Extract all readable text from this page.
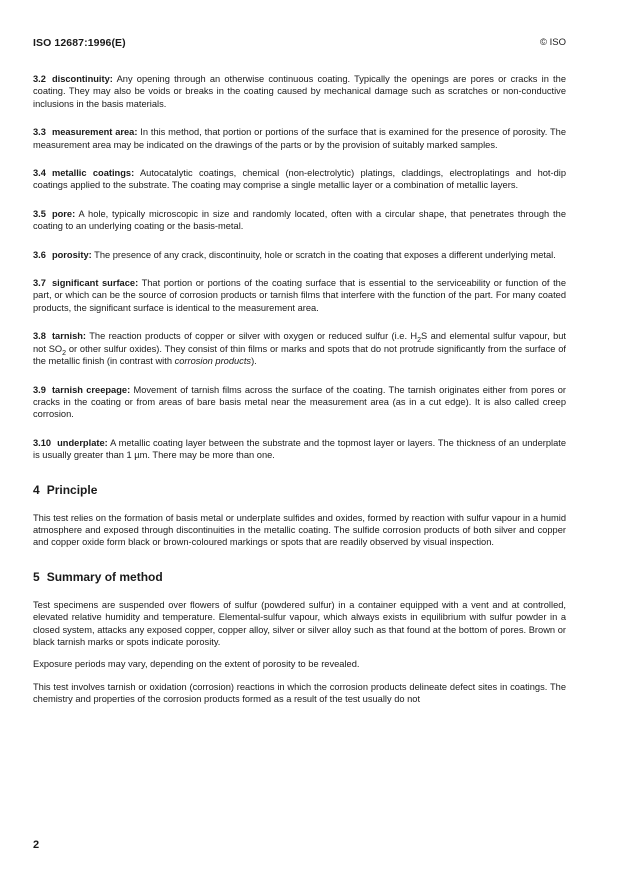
ISO 12687:1996(E)	© ISO

3.2 discontinuity: Any opening through an otherwise continuous coating. Typically the openings are pores or cracks in the coating. They may also be voids or breaks in the coating caused by mechanical damage such as scratches or non-conductive inclusions in the basis materials.

3.3 measurement area: In this method, that portion or portions of the surface that is examined for the presence of porosity. The measurement area may be indicated on the drawings of the parts or by the provision of suitably marked samples.

3.4 metallic coatings: Autocatalytic coatings, chemical (non-electrolytic) platings, claddings, electroplatings and hot-dip coatings applied to the substrate. The coating may comprise a single metallic layer or a combination of metallic layers.

3.5 pore: A hole, typically microscopic in size and randomly located, often with a circular shape, that penetrates through the coating to an underlying coating or the basis-metal.

3.6 porosity: The presence of any crack, discontinuity, hole or scratch in the coating that exposes a different underlying metal.

3.7 significant surface: That portion or portions of the coating surface that is essential to the serviceability or function of the part, or which can be the source of corrosion products or tarnish films that interfere with the function of the part. For many coated products, the significant surface is identical to the measurement area.

3.8 tarnish: The reaction products of copper or silver with oxygen or reduced sulfur (i.e. $H_2S$ and elemental sulfur vapour, but not $SO_2$ or other sulfur oxides). They consist of thin films or marks and spots that do not protrude significantly from the surface of the metallic finish (in contrast with corrosion products).

3.9 tarnish creepage: Movement of tarnish films across the surface of the coating. The tarnish originates either from pores or cracks in the coating or from areas of bare basis metal near the measurement area (as in a cut edge). It is also called creep corrosion.

3.10 underplate: A metallic coating layer between the substrate and the topmost layer or layers. The thickness of an underplate is usually greater than 1 µm. There may be more than one.

4 Principle

This test relies on the formation of basis metal or underplate sulfides and oxides, formed by reaction with sulfur vapour in a humid atmosphere and exposed through discontinuities in the metallic coating. The sulfide corrosion products of both silver and copper and copper oxide form black or brown-coloured markings or spots that are readily observed by visual inspection.

5 Summary of method

Test specimens are suspended over flowers of sulfur (powdered sulfur) in a container equipped with a vent and at controlled, elevated relative humidity and temperature. Elemental-sulfur vapour, which always exists in equilibrium with sulfur powder in a closed system, attacks any exposed copper, copper alloy, silver or silver alloy such as that found at the bottom of pores. Brown or black tarnish marks or spots indicate porosity.

Exposure periods may vary, depending on the extent of porosity to be revealed.

This test involves tarnish or oxidation (corrosion) reactions in which the corrosion products delineate defect sites in coatings. The chemistry and properties of the corrosion products formed as a result of the test usually do not

2
